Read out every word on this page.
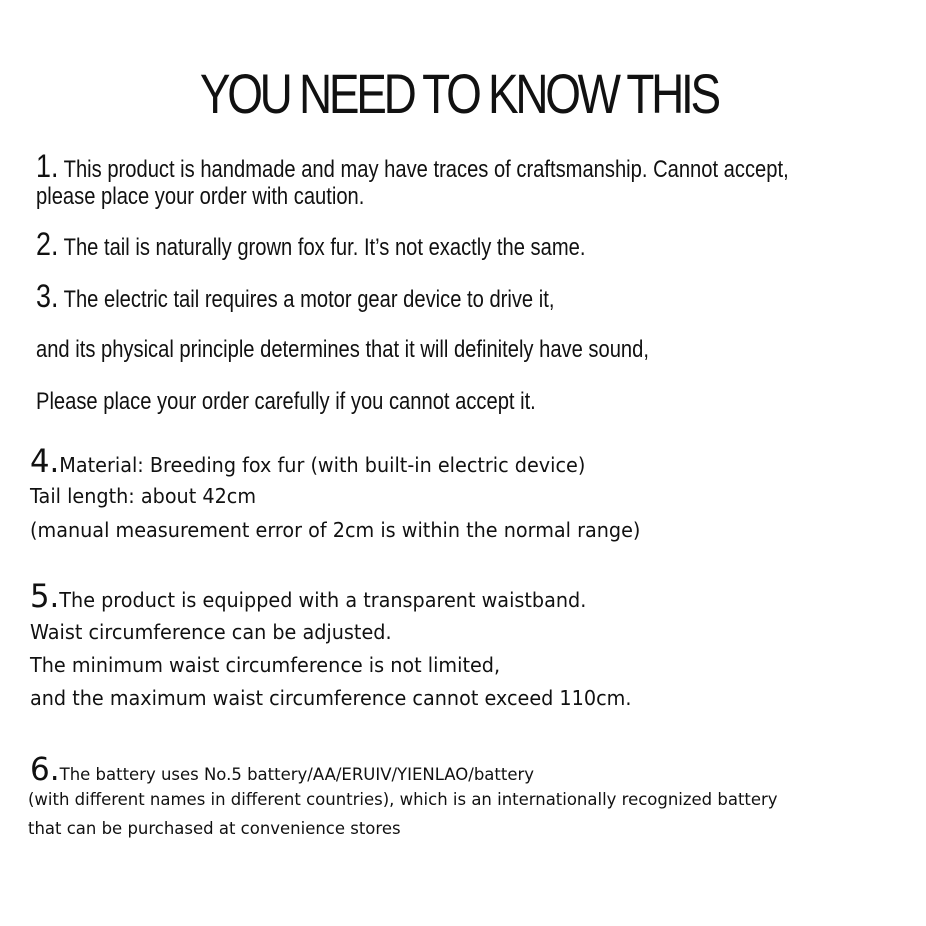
YOU NEED TO KNOW THIS
1. This product is handmade and may have traces of craftsmanship. Cannot accept,
please place your order with caution.
2. The tail is naturally grown fox fur. It’s not exactly the same.
3. The electric tail requires a motor gear device to drive it,
and its physical principle determines that it will definitely have sound,
Please place your order carefully if you cannot accept it.
4.Material: Breeding fox fur (with built-in electric device)
Tail length: about 42cm
(manual measurement error of 2cm is within the normal range)
5.The product is equipped with a transparent waistband.
Waist circumference can be adjusted.
The minimum waist circumference is not limited,
and the maximum waist circumference cannot exceed 110cm.
6.The battery uses No.5 battery/AA/ERUIV/YIENLAO/battery
(with different names in different countries), which is an internationally recognized battery
that can be purchased at convenience stores
